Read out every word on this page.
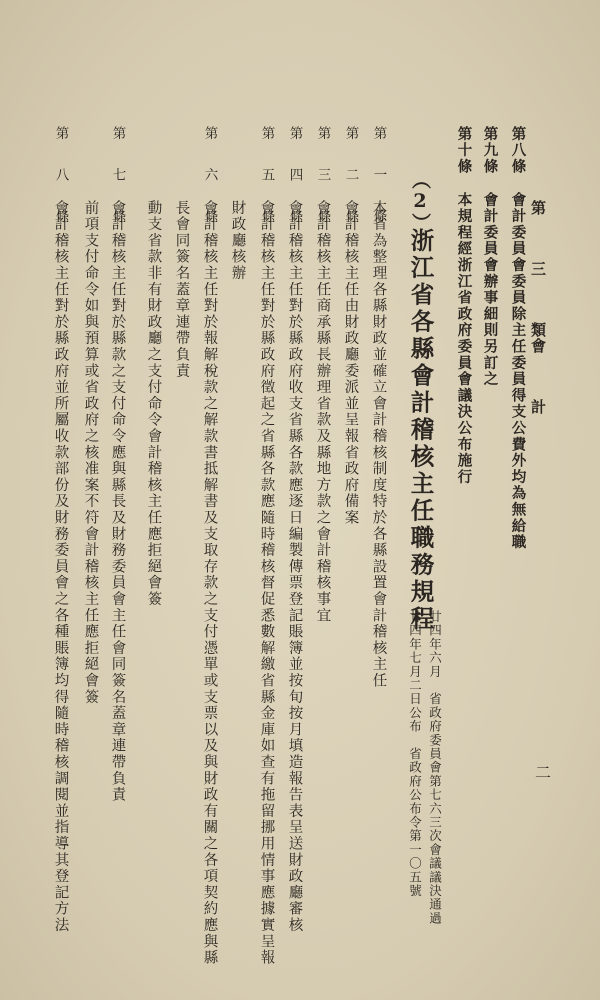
第 三 類
會 計
二
第八條
會計委員會委員除主任委員得支公費外均為無給職
第九條
會計委員會辦事細則另訂之
第十條
本規程經浙江省政府委員會議決公布施行
（2）
浙江省各縣會計稽核主任職務規程
廿四年六月　省政府委員會第七六三次會議議決通過
廿四年七月二日公布　省政府公布令第一〇五號
第 一 條
本省為整理各縣財政並確立會計稽核制度特於各縣設置會計稽核主任
第 二 條
會計稽核主任由財政廳委派並呈報省政府備案
第 三 條
會計稽核主任商承縣長辦理省款及縣地方款之會計稽核事宜
第 四 條
會計稽核主任對於縣政府收支省縣各款應逐日編製傳票登記賬簿並按旬按月填造報告表呈送財政廳審核
第 五 條
會計稽核主任對於縣政府徵起之省縣各款應隨時稽核督促悉數解繳省縣金庫如查有拖留挪用情事應據實呈報
財政廳核辦
第 六 條
會計稽核主任對於報解稅款之解款書抵解書及支取存款之支付憑單或支票以及與財政有關之各項契約應與縣
長會同簽名蓋章連帶負責
動支省款非有財政廳之支付命令會計稽核主任應拒絕會簽
第 七 條
會計稽核主任對於縣款之支付命令應與縣長及財務委員會主任會同簽名蓋章連帶負責
前項支付命令如與預算或省政府之核准案不符會計稽核主任應拒絕會簽
第 八 條
會計稽核主任對於縣政府並所屬收款部份及財務委員會之各種賬簿均得隨時稽核調閱並指導其登記方法
